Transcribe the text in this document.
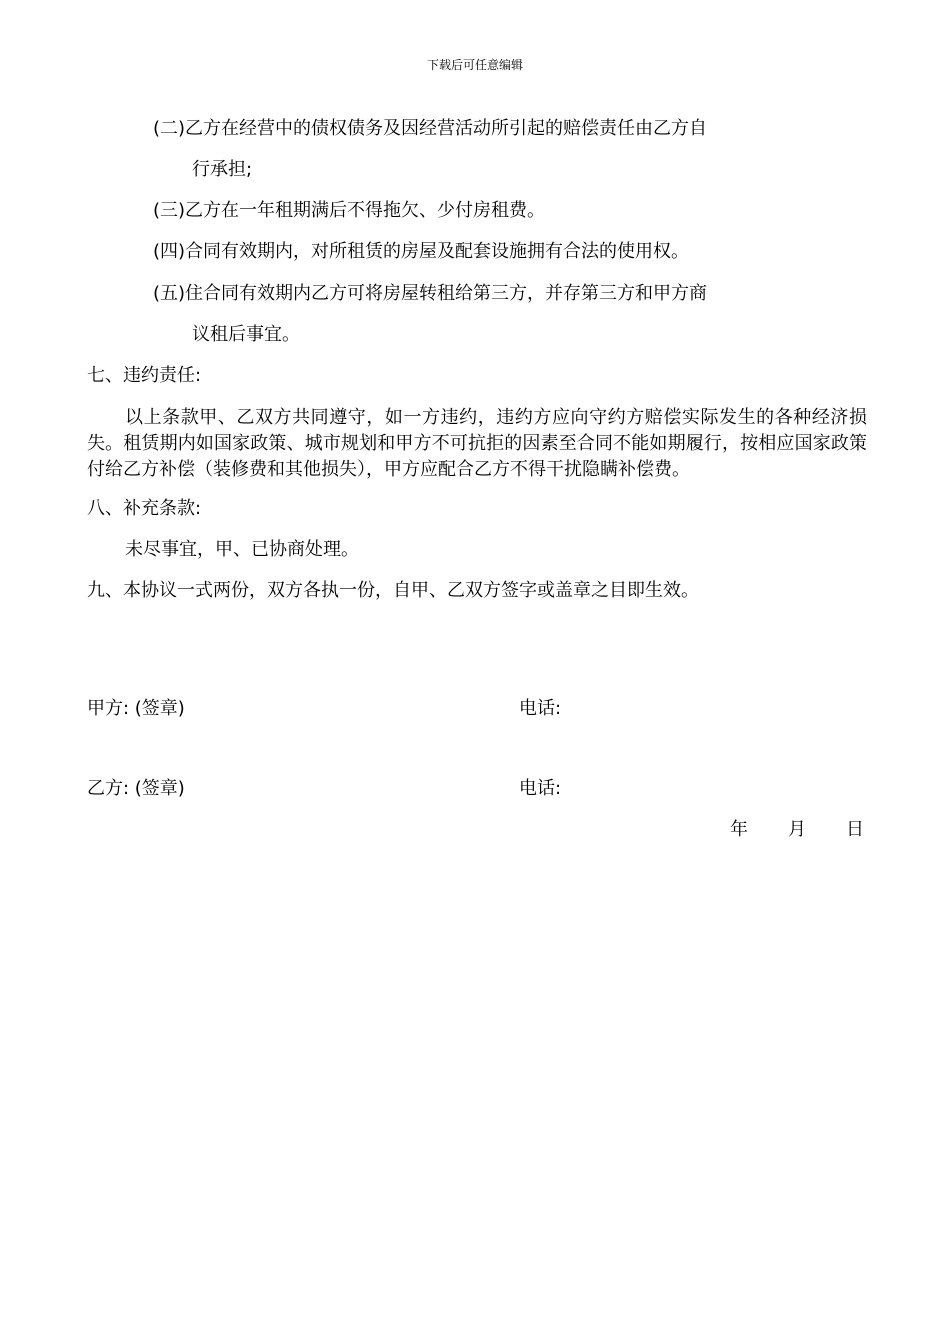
下载后可任意编辑
(二)乙方在经营中的债权债务及因经营活动所引起的赔偿责任由乙方自
行承担;
(三)乙方在一年租期满后不得拖欠、少付房租费。
(四)合同有效期内，对所租赁的房屋及配套设施拥有合法的使用权。
(五)住合同有效期内乙方可将房屋转租给第三方，并存第三方和甲方商
议租后事宜。
七、违约责任:
以上条款甲、乙双方共同遵守，如一方违约，违约方应向守约方赔偿实际发生的各种经济损失。租赁期内如国家政策、城市规划和甲方不可抗拒的因素至合同不能如期履行，按相应国家政策付给乙方补偿（装修费和其他损失），甲方应配合乙方不得干扰隐瞒补偿费。
八、补充条款:
未尽事宜，甲、已协商处理。
九、本协议一式两份，双方各执一份，自甲、乙双方签字或盖章之目即生效。
甲方: (签章)	电话:
乙方: (签章)	电话:
年 月 日
